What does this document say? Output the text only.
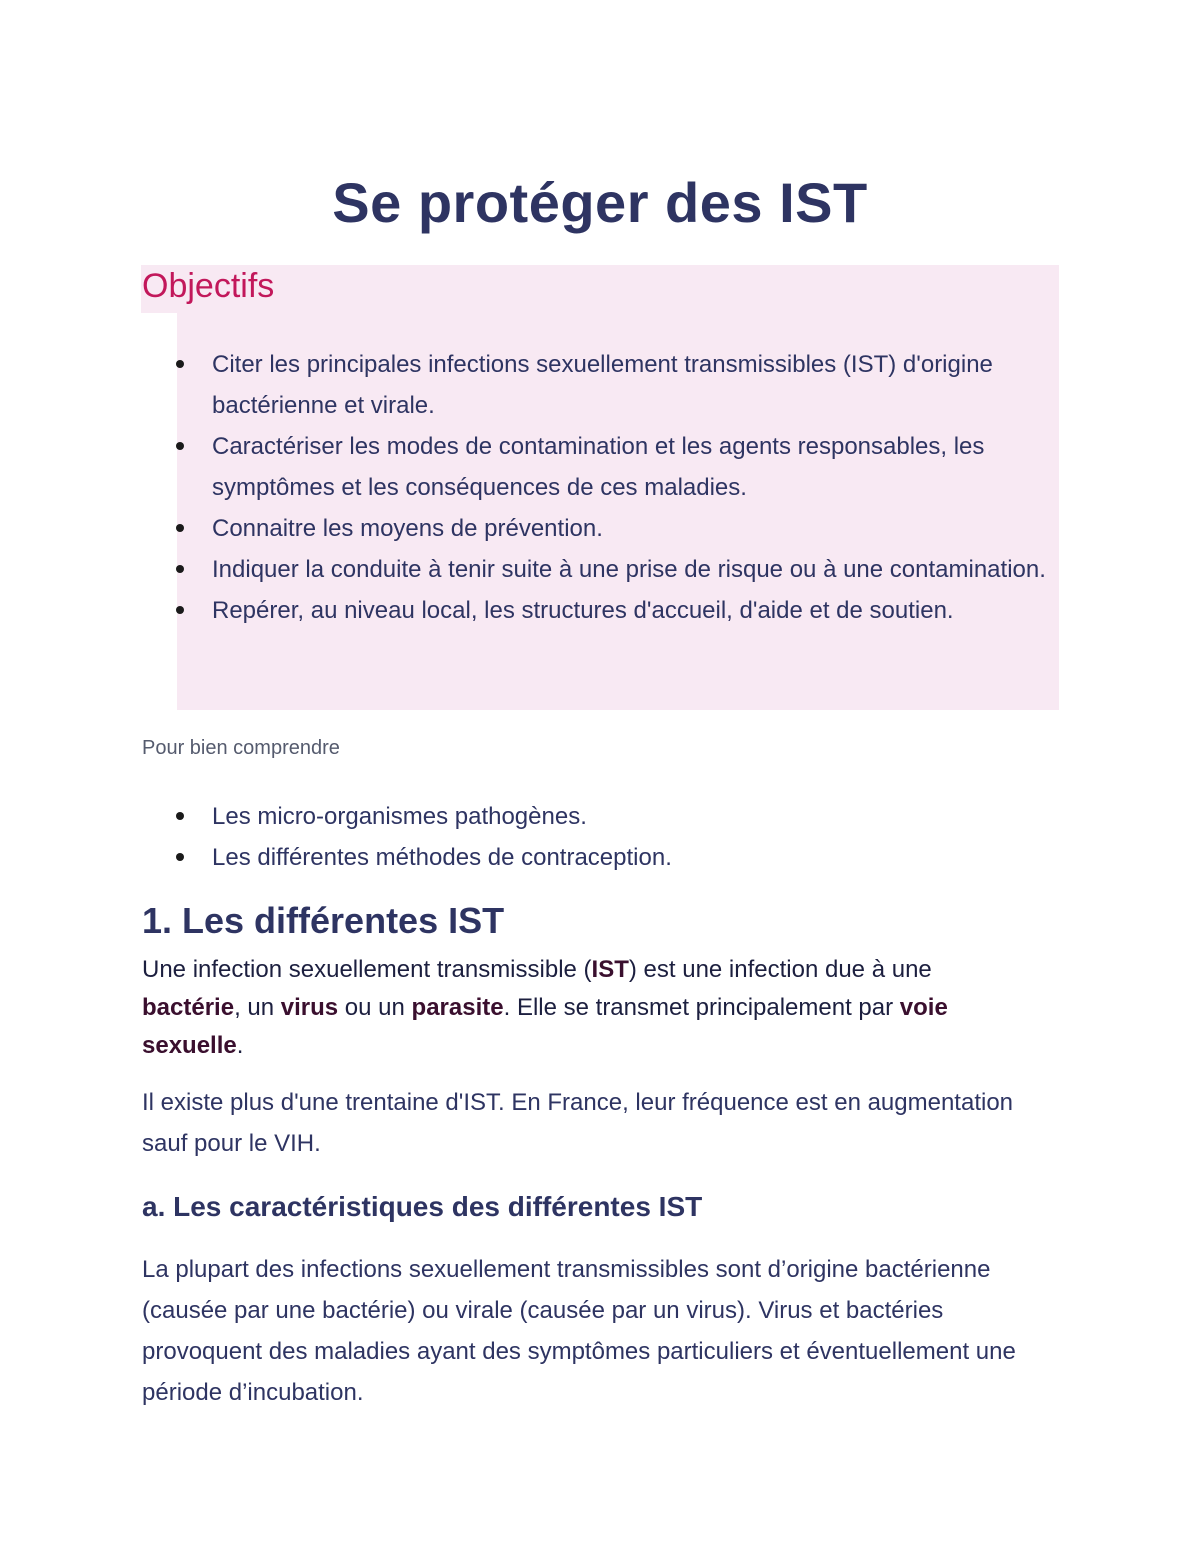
Se protéger des IST
Objectifs
Citer les principales infections sexuellement transmissibles (IST) d'origine bactérienne et virale.
Caractériser les modes de contamination et les agents responsables, les symptômes et les conséquences de ces maladies.
Connaitre les moyens de prévention.
Indiquer la conduite à tenir suite à une prise de risque ou à une contamination.
Repérer, au niveau local, les structures d'accueil, d'aide et de soutien.

Pour bien comprendre

Les micro-organismes pathogènes.
Les différentes méthodes de contraception.
1. Les différentes IST

Une infection sexuellement transmissible (IST) est une infection due à une bactérie, un virus ou un parasite. Elle se transmet principalement par voie sexuelle.

Il existe plus d'une trentaine d'IST. En France, leur fréquence est en augmentation sauf pour le VIH.

a. Les caractéristiques des différentes IST

La plupart des infections sexuellement transmissibles sont d’origine bactérienne (causée par une bactérie) ou virale (causée par un virus). Virus et bactéries provoquent des maladies ayant des symptômes particuliers et éventuellement une période d’incubation.
